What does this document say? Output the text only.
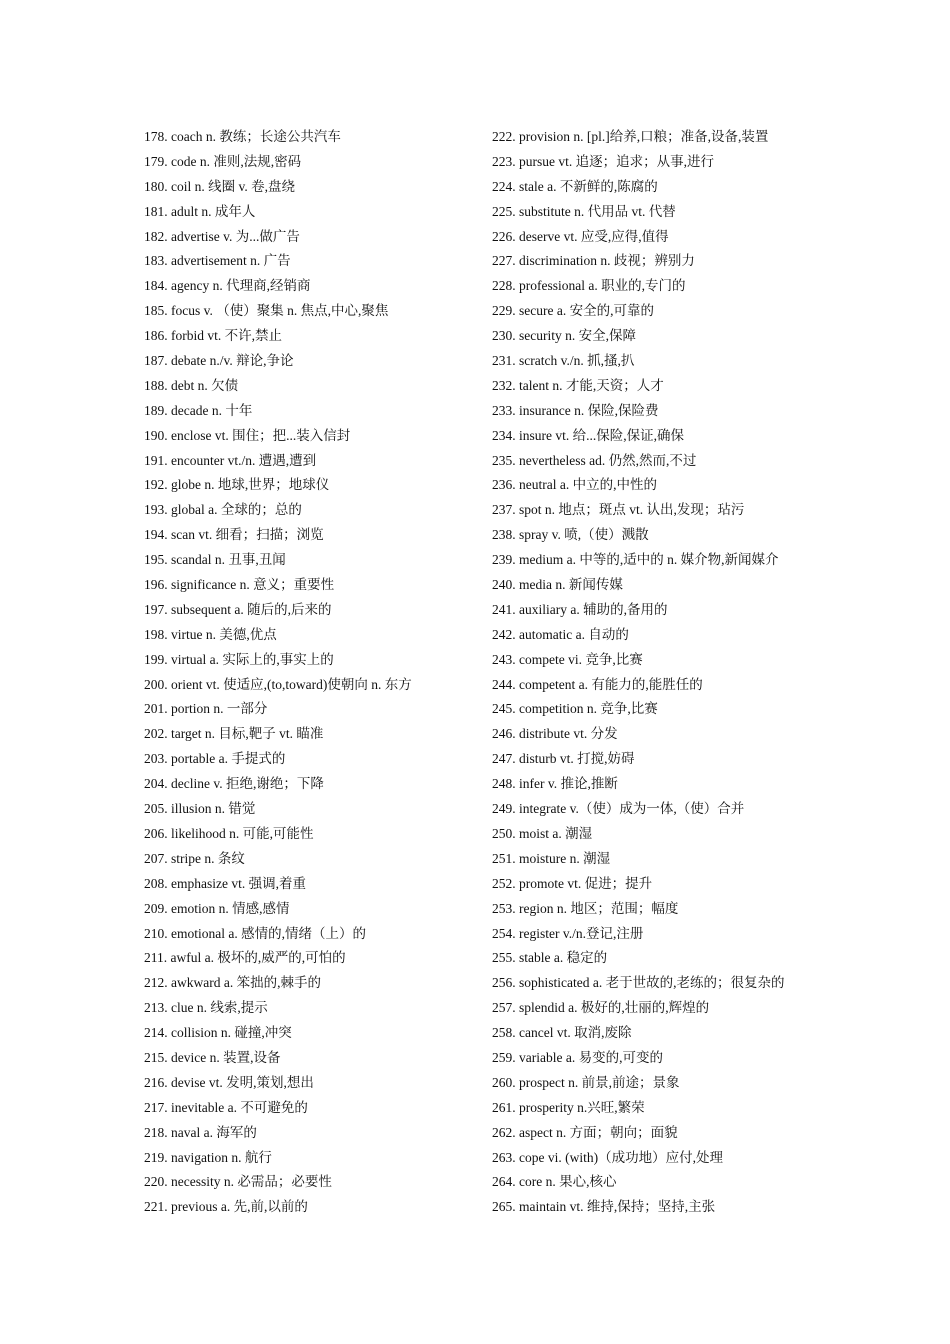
178. coach n. 教练；长途公共汽车
179. code n. 准则,法规,密码
180. coil n. 线圈 v. 卷,盘绕
181. adult n. 成年人
182. advertise v. 为...做广告
183. advertisement n. 广告
184. agency n. 代理商,经销商
185. focus v. （使）聚集 n. 焦点,中心,聚焦
186. forbid vt. 不许,禁止
187. debate n./v. 辩论,争论
188. debt n. 欠债
189. decade n. 十年
190. enclose vt. 围住；把...装入信封
191. encounter vt./n. 遭遇,遭到
192. globe n. 地球,世界；地球仪
193. global a. 全球的；总的
194. scan vt. 细看；扫描；浏览
195. scandal n. 丑事,丑闻
196. significance n. 意义；重要性
197. subsequent a. 随后的,后来的
198. virtue n. 美德,优点
199. virtual a. 实际上的,事实上的
200. orient vt. 使适应,(to,toward)使朝向 n. 东方
201. portion n. 一部分
202. target n. 目标,靶子 vt. 瞄准
203. portable a. 手提式的
204. decline v. 拒绝,谢绝；下降
205. illusion n. 错觉
206. likelihood n. 可能,可能性
207. stripe n. 条纹
208. emphasize vt. 强调,着重
209. emotion n. 情感,感情
210. emotional a. 感情的,情绪（上）的
211. awful a. 极坏的,威严的,可怕的
212. awkward a. 笨拙的,棘手的
213. clue n. 线索,提示
214. collision n. 碰撞,冲突
215. device n. 装置,设备
216. devise vt. 发明,策划,想出
217. inevitable a. 不可避免的
218. naval a. 海军的
219. navigation n. 航行
220. necessity n. 必需品；必要性
221. previous a. 先,前,以前的
222. provision n. [pl.]给养,口粮；准备,设备,装置
223. pursue vt. 追逐；追求；从事,进行
224. stale a. 不新鲜的,陈腐的
225. substitute n. 代用品 vt. 代替
226. deserve vt. 应受,应得,值得
227. discrimination n. 歧视；辨别力
228. professional a. 职业的,专门的
229. secure a. 安全的,可靠的
230. security n. 安全,保障
231. scratch v./n. 抓,搔,扒
232. talent n. 才能,天资；人才
233. insurance n. 保险,保险费
234. insure vt. 给...保险,保证,确保
235. nevertheless ad. 仍然,然而,不过
236. neutral a. 中立的,中性的
237. spot n. 地点；斑点 vt. 认出,发现；玷污
238. spray v. 喷,（使）溅散
239. medium a. 中等的,适中的 n. 媒介物,新闻媒介
240. media n. 新闻传媒
241. auxiliary a. 辅助的,备用的
242. automatic a. 自动的
243. compete vi. 竞争,比赛
244. competent a. 有能力的,能胜任的
245. competition n. 竞争,比赛
246. distribute vt. 分发
247. disturb vt. 打搅,妨碍
248. infer v. 推论,推断
249. integrate v.（使）成为一体,（使）合并
250. moist a. 潮湿
251. moisture n. 潮湿
252. promote vt. 促进；提升
253. region n. 地区；范围；幅度
254. register v./n.登记,注册
255. stable a. 稳定的
256. sophisticated a. 老于世故的,老练的；很复杂的
257. splendid a. 极好的,壮丽的,辉煌的
258. cancel vt. 取消,废除
259. variable a. 易变的,可变的
260. prospect n. 前景,前途；景象
261. prosperity n.兴旺,繁荣
262. aspect n. 方面；朝向；面貌
263. cope vi. (with)（成功地）应付,处理
264. core n. 果心,核心
265. maintain vt. 维持,保持；坚持,主张
